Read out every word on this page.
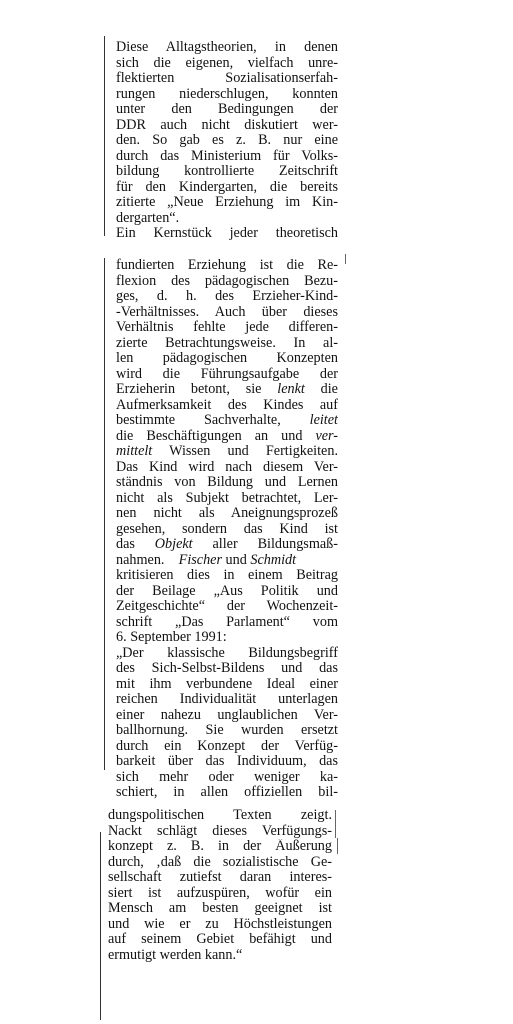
Diese Alltagstheorien, in denen
sich die eigenen, vielfach unre-
flektierten Sozialisationserfah-
rungen niederschlugen, konnten
unter den Bedingungen der
DDR auch nicht diskutiert wer-
den. So gab es z. B. nur eine
durch das Ministerium für Volks-
bildung kontrollierte Zeitschrift
für den Kindergarten, die bereits
zitierte „Neue Erziehung im Kin-
dergarten“.
Ein Kernstück jeder theoretisch
fundierten Erziehung ist die Re-
flexion des pädagogischen Bezu-
ges, d. h. des Erzieher-Kind-
-Verhältnisses. Auch über dieses
Verhältnis fehlte jede differen-
zierte Betrachtungsweise. In al-
len pädagogischen Konzepten
wird die Führungsaufgabe der
Erzieherin betont, sie lenkt die
Aufmerksamkeit des Kindes auf
bestimmte Sachverhalte, leitet
die Beschäftigungen an und ver-
mittelt Wissen und Fertigkeiten.
Das Kind wird nach diesem Ver-
ständnis von Bildung und Lernen
nicht als Subjekt betrachtet, Ler-
nen nicht als Aneignungsprozeß
gesehen, sondern das Kind ist
das Objekt aller Bildungsmaß-
nahmen.    Fischer und Schmidt
kritisieren dies in einem Beitrag
der Beilage „Aus Politik und
Zeitgeschichte“ der Wochenzeit-
schrift „Das Parlament“ vom
6. September 1991:
„Der klassische Bildungsbegriff
des Sich-Selbst-Bildens und das
mit ihm verbundene Ideal einer
reichen Individualität unterlagen
einer nahezu unglaublichen Ver-
ballhornung. Sie wurden ersetzt
durch ein Konzept der Verfüg-
barkeit über das Individuum, das
sich mehr oder weniger ka-
schiert, in allen offiziellen bil-
dungspolitischen Texten zeigt.
Nackt schlägt dieses Verfügungs-
konzept z. B. in der Äußerung
durch, ‚daß die sozialistische Ge-
sellschaft zutiefst daran interes-
siert ist aufzuspüren, wofür ein
Mensch am besten geeignet ist
und wie er zu Höchstleistungen
auf seinem Gebiet befähigt und
ermutigt werden kann.“
